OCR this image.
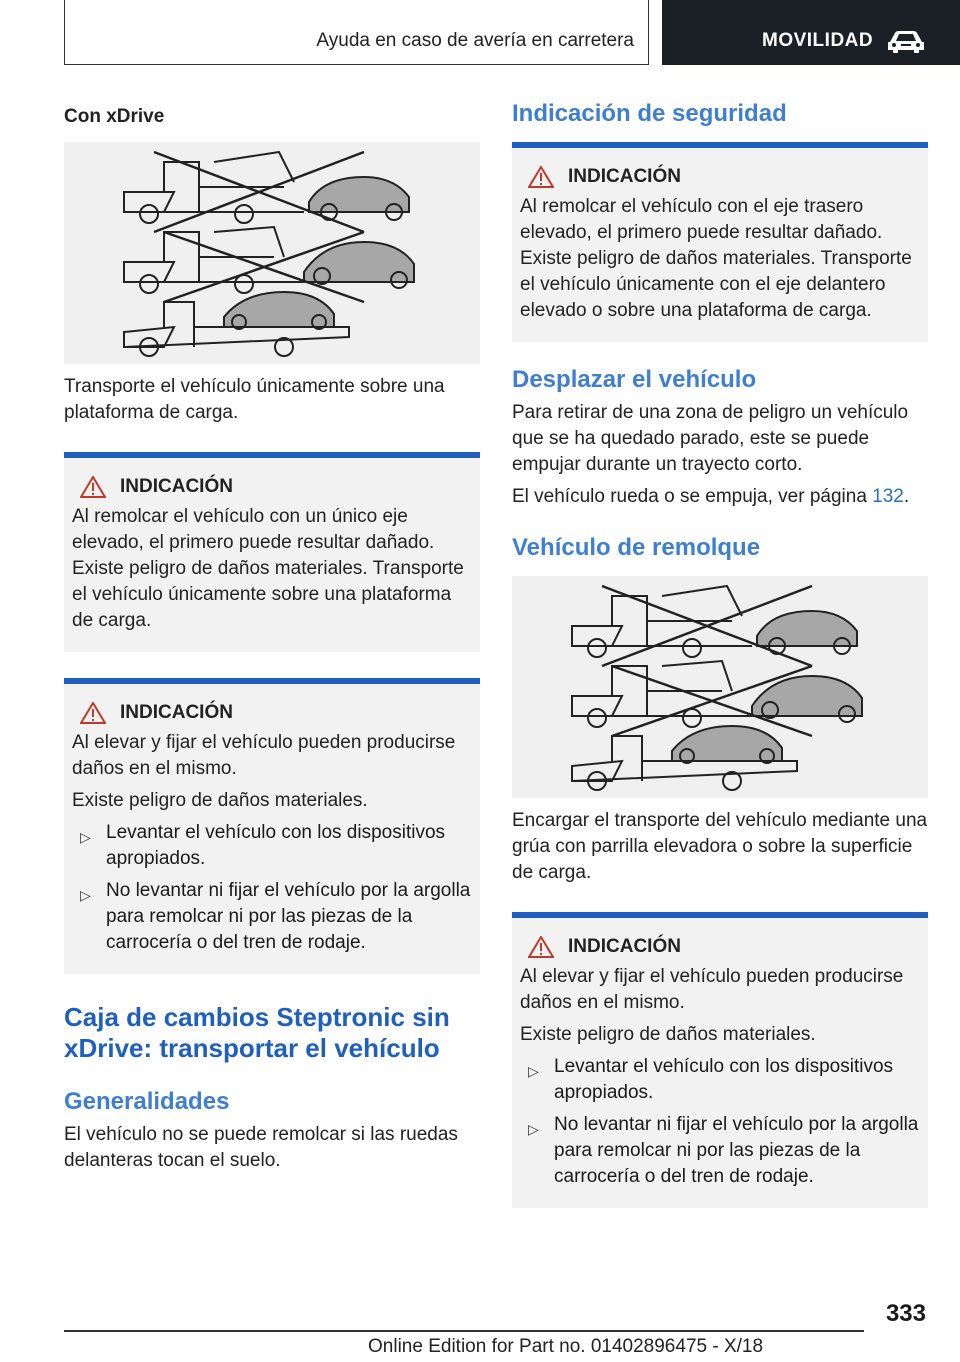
Ayuda en caso de avería en carretera	MOVILIDAD
Con xDrive
Transporte el vehículo únicamente sobre una plataforma de carga.
INDICACIÓN
Al remolcar el vehículo con un único eje elevado, el primero puede resultar dañado. Existe peligro de daños materiales. Transporte el vehículo únicamente sobre una plataforma de carga.
INDICACIÓN
Al elevar y fijar el vehículo pueden producirse daños en el mismo.
Existe peligro de daños materiales.
▷ Levantar el vehículo con los dispositivos apropiados.
▷ No levantar ni fijar el vehículo por la argolla para remolcar ni por las piezas de la carrocería o del tren de rodaje.
Caja de cambios Steptronic sin xDrive: transportar el vehículo
Generalidades
El vehículo no se puede remolcar si las ruedas delanteras tocan el suelo.
Indicación de seguridad
INDICACIÓN
Al remolcar el vehículo con el eje trasero elevado, el primero puede resultar dañado. Existe peligro de daños materiales. Transporte el vehículo únicamente con el eje delantero elevado o sobre una plataforma de carga.
Desplazar el vehículo
Para retirar de una zona de peligro un vehículo que se ha quedado parado, este se puede empujar durante un trayecto corto.
El vehículo rueda o se empuja, ver página 132.
Vehículo de remolque
Encargar el transporte del vehículo mediante una grúa con parrilla elevadora o sobre la superficie de carga.
INDICACIÓN
Al elevar y fijar el vehículo pueden producirse daños en el mismo.
Existe peligro de daños materiales.
▷ Levantar el vehículo con los dispositivos apropiados.
▷ No levantar ni fijar el vehículo por la argolla para remolcar ni por las piezas de la carrocería o del tren de rodaje.
333
Online Edition for Part no. 01402896475 - X/18
